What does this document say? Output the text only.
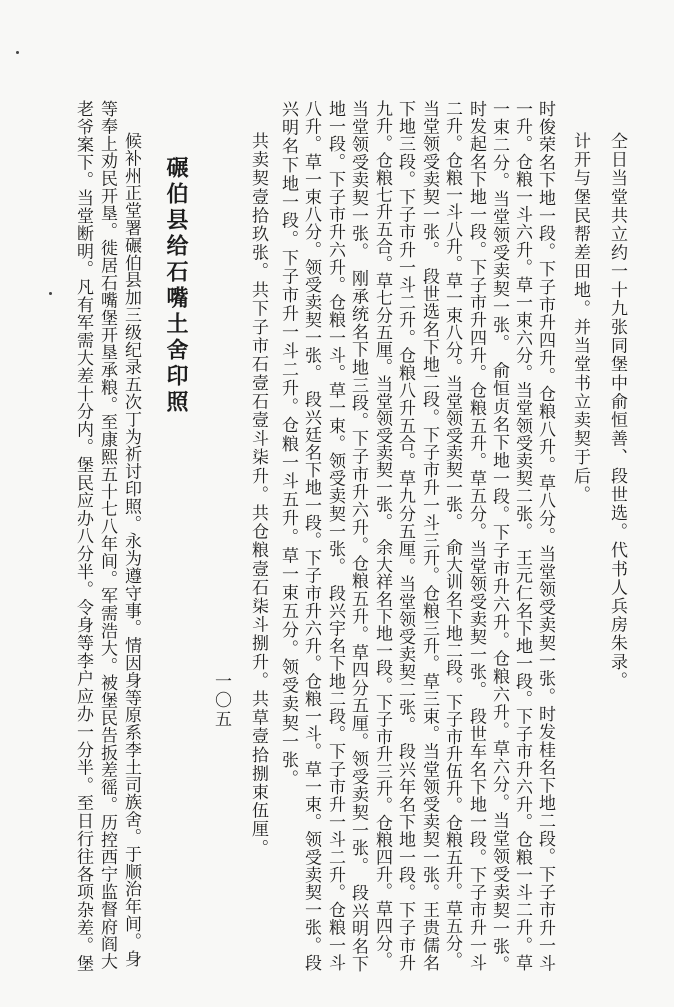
仝日当堂共立约一十九张同堡中俞恒善、段世选。代书人兵房朱录。
计开与堡民帮差田地。并当堂书立卖契于后。
时俊荣名下地一段。下子市升四升。仓粮八升。草八分。当堂领受卖契一张。时发桂名下地二段。下子市升一斗
一升。仓粮一斗六升。草一束六分。当堂领受卖契二张。　王元仁名下地一段。下子市升六升。仓粮一斗二升。草
一束二分。当堂领受卖契一张。　俞恒贞名下地一段。下子市升六升。仓粮六升。草六分。当堂领受卖契一张。
时发起名下地一段。下子市升四升。仓粮五升。草五分。当堂领受卖契一张。　段世车名下地一段。下子市升一斗
二升。仓粮一斗八升。草一束八分。当堂领受卖契一张。　俞大训名下地二段。下子市升伍升。仓粮五升。草五分。
当堂领受卖契一张。　段世选名下地二段。下子市升一斗三升。仓粮三升。草三束。当堂领受卖契一张。王贵儒名
下地三段。下子市升一斗二升。仓粮八升五合。草九分五厘。当堂领受卖契二张。　段兴年名下地一段。下子市升
九升。仓粮七升五合。草七分五厘。当堂领受卖契一张。　余大祥名下地一段。下子市升三升。仓粮四升。草四分。
当堂领受卖契一张。　刚承统名下地三段。下子市升六升。仓粮五升。草四分五厘。领受卖契一张。　段兴明名下
地一段。下子市升六升。仓粮一斗。草一束。领受卖契一张。　段兴宇名下地二段。下子市升一斗二升。仓粮一斗
八升。草一束八分。领受卖契一张。　段兴廷名下地一段。下子市升六升。仓粮一斗。草一束。领受卖契一张。段
兴明名下地一段。下子市升一斗二升。仓粮一斗五升。草一束五分。领受卖契一张。
共卖契壹拾玖张。共下子市石壹石壹斗柒升。共仓粮壹石柒斗捌升。共草壹拾捌束伍厘。
一〇五
碾伯县给石嘴土舍印照
候补州正堂署碾伯县加三级纪录五次丁为祈讨印照。永为遵守事。情因身等原系李土司族舍。于顺治年间。身
等奉上劝民开垦。徙居石嘴堡开垦承粮。至康熙五十七八年间。军需浩大。被堡民告扳差徭。历控西宁监督府阎大
老爷案下。当堂断明。凡有军需大差十分内。堡民应办八分半。令身等李户应办一分半。至日行往各项杂差。堡
